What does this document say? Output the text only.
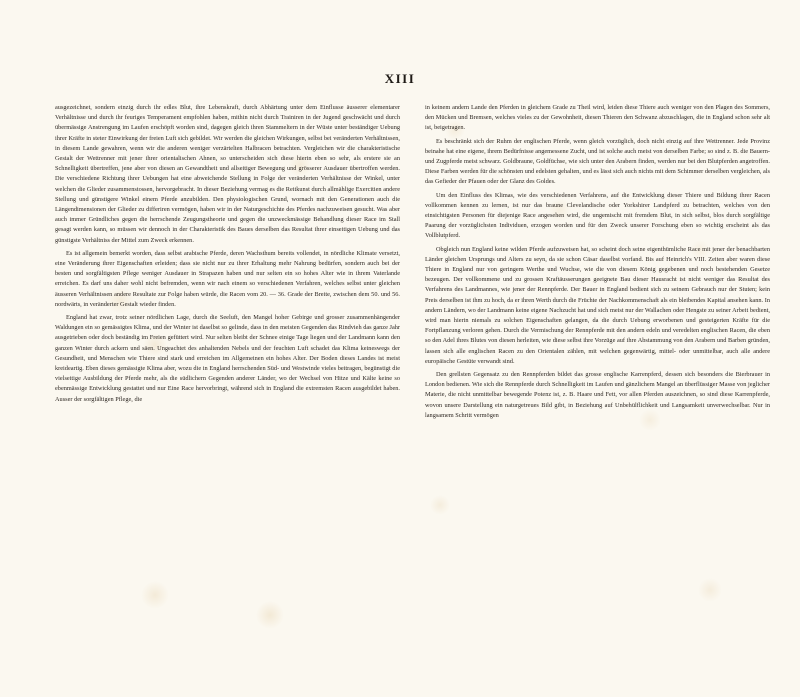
XIII

ausgezeichnet, sondern einzig durch ihr edles Blut, ihre Lebenskraft, durch Abhärtung unter dem Einflusse äusserer elementarer Verhältnisse und durch ihr feuriges Temperament empfohlen haben, mithin nicht durch Trainiren in der Jugend geschwächt und durch übermässige Anstrengung im Laufen erschöpft worden sind, dagegen gleich ihren Stammeltern in der Wüste unter beständiger Uebung ihrer Kräfte in steter Einwirkung der freien Luft sich gebildet. Wir werden die gleichen Wirkungen, selbst bei veränderten Verhältnissen, in diesem Lande gewahren, wenn wir die anderen weniger verzärtelten Halbracen betrachten. Vergleichen wir die charakteristische Gestalt der Wettrenner mit jener ihrer orientalischen Ahnen, so unterscheiden sich diese hierin eben so sehr, als erstere sie an Schnelligkeit übertreffen, jene aber von diesen an Gewandtheit und allseitiger Bewegung und grösserer Ausdauer übertroffen werden. Die verschiedene Richtung ihrer Uebungen hat eine abweichende Stellung in Folge der veränderten Verhältnisse der Winkel, unter welchen die Glieder zusammenstossen, hervorgebracht. In dieser Beziehung vermag es die Reitkunst durch allmählige Exercitien andere Stellung und günstigere Winkel einem Pferde anzubilden. Den physiologischen Grund, wornach mit den Generationen auch die Längendimensionen der Glieder zu differiren vermögen, haben wir in der Naturgeschichte des Pferdes nachzuweisen gesucht. Was aber auch immer Gründliches gegen die herrschende Zeugungstheorie und gegen die unzweckmässige Behandlung dieser Race im Stall gesagt werden kann, so müssen wir dennoch in der Charakteristik des Baues derselben das Resultat ihrer einseitigen Uebung und das günstigste Verhältniss der Mittel zum Zweck erkennen.

Es ist allgemein bemerkt worden, dass selbst arabische Pferde, deren Wachsthum bereits vollendet, in nördliche Klimate versetzt, eine Veränderung ihrer Eigenschaften erleiden; dass sie nicht nur zu ihrer Erhaltung mehr Nahrung bedürfen, sondern auch bei der besten und sorgfältigsten Pflege weniger Ausdauer in Strapazen haben und nur selten ein so hohes Alter wie in ihrem Vaterlande erreichen. Es darf uns daher wohl nicht befremden, wenn wir nach einem so verschiedenen Verfahren, welches selbst unter gleichen äusseren Verhältnissen andere Resultate zur Folge haben würde, die Racen vom 20. — 36. Grade der Breite, zwischen dem 50. und 56. nordwärts, in veränderter Gestalt wieder finden.

England hat zwar, trotz seiner nördlichen Lage, durch die Seeluft, den Mangel hoher Gebirge und grosser zusammenhängender Waldungen ein so gemässigtes Klima, und der Winter ist daselbst so gelinde, dass in den meisten Gegenden das Rindvieh das ganze Jahr ausgetrieben oder doch beständig im Freien gefüttert wird. Nur selten bleibt der Schnee einige Tage liegen und der Landmann kann den ganzen Winter durch ackern und säen. Ungeachtet des anhaltenden Nebels und der feuchten Luft schadet das Klima keineswegs der Gesundheit, und Menschen wie Thiere sind stark und erreichen im Allgemeinen ein hohes Alter. Der Boden dieses Landes ist meist kreideartig. Eben dieses gemässigte Klima aber, wozu die in England herrschenden Süd- und Westwinde vieles beitragen, begünstigt die vielseitige Ausbildung der Pferde mehr, als die südlichern Gegenden anderer Länder, wo der Wechsel von Hitze und Kälte keine so ebenmässige Entwicklung gestattet und nur Eine Race hervorbringt, während sich in England die extremsten Racen ausgebildet haben. Ausser der sorgfältigen Pflege, die

in keinem andern Lande den Pferden in gleichem Grade zu Theil wird, leiden diese Thiere auch weniger von den Plagen des Sommers, den Mücken und Bremsen, welches vieles zu der Gewohnheit, diesen Thieren den Schwanz abzuschlagen, die in England schon sehr alt ist, beigetragen.

Es beschränkt sich der Ruhm der englischen Pferde, wenn gleich vorzüglich, doch nicht einzig auf ihre Wettrenner. Jede Provinz beinahe hat eine eigene, ihrem Bedürfnisse angemessene Zucht, und ist solche auch meist von derselben Farbe; so sind z. B. die Bauern- und Zugpferde meist schwarz. Goldbraune, Goldfüchse, wie sich unter den Arabern finden, werden nur bei den Blutpferden angetroffen. Diese Farben werden für die schönsten und edelsten gehalten, und es lässt sich auch nichts mit dem Schimmer derselben vergleichen, als das Gefieder der Pfauen oder der Glanz des Goldes.

Um den Einfluss des Klimas, wie des verschiedenen Verfahrens, auf die Entwicklung dieser Thiere und Bildung ihrer Racen vollkommen kennen zu lernen, ist nur das braune Clevelandische oder Yorkshirer Landpferd zu betrachten, welches von den einsichtigsten Personen für diejenige Race angesehen wird, die ungemischt mit fremdem Blut, in sich selbst, blos durch sorgfältige Paarung der vorzüglichsten Individuen, erzogen worden und für den Zweck unserer Forschung eben so wichtig erscheint als das Vollblutpferd.

Obgleich nun England keine wilden Pferde aufzuweisen hat, so scheint doch seine eigenthümliche Race mit jener der benachbarten Länder gleichen Ursprungs und Alters zu seyn, da sie schon Cäsar daselbst vorfand. Bis auf Heinrich's VIII. Zeiten aber waren diese Thiere in England nur von geringem Werthe und Wuchse, wie die von diesem König gegebenen und noch bestehenden Gesetze bezeugen. Der vollkommene und zu grossen Kraftäusserungen geeignete Bau dieser Hausracht ist nicht weniger das Resultat des Verfahrens des Landmannes, wie jener der Rennpferde. Der Bauer in England bedient sich zu seinem Gebrauch nur der Stuten; kein Preis derselben ist ihm zu hoch, da er ihren Werth durch die Früchte der Nachkommenschaft als ein bleibendes Kapital ansehen kann. In andern Ländern, wo der Landmann keine eigene Nachzucht hat und sich meist nur der Wallachen oder Hengste zu seiner Arbeit bedient, wird man hierin niemals zu solchen Eigenschaften gelangen, da die durch Uebung erworbenen und gesteigerten Kräfte für die Fortpflanzung verloren gehen. Durch die Vermischung der Rennpferde mit den andern edeln und veredelten englischen Racen, die eben so den Adel ihres Blutes von diesen herleiten, wie diese selbst ihre Vorzüge auf ihre Abstammung von den Arabern und Barben gründen, lassen sich alle englischen Racen zu den Orientalen zählen, mit welchen gegenwärtig, mittel- oder unmittelbar, auch alle andere europäische Gestüte verwandt sind.

Den grellsten Gegensatz zu den Rennpferden bildet das grosse englische Karrenpferd, dessen sich besonders die Bierbrauer in London bedienen. Wie sich die Rennpferde durch Schnelligkeit im Laufen und gänzlichem Mangel an überflüssiger Masse von jeglicher Materie, die nicht unmittelbar bewegende Potenz ist, z. B. Haare und Fett, vor allen Pferden auszeichnen, so sind diese Karrenpferde, wovon unsere Darstellung ein naturgetreues Bild gibt, in Beziehung auf Unbehülflichkeit und Langsamkeit unverwechselbar. Nur in langsamem Schritt vermögen
